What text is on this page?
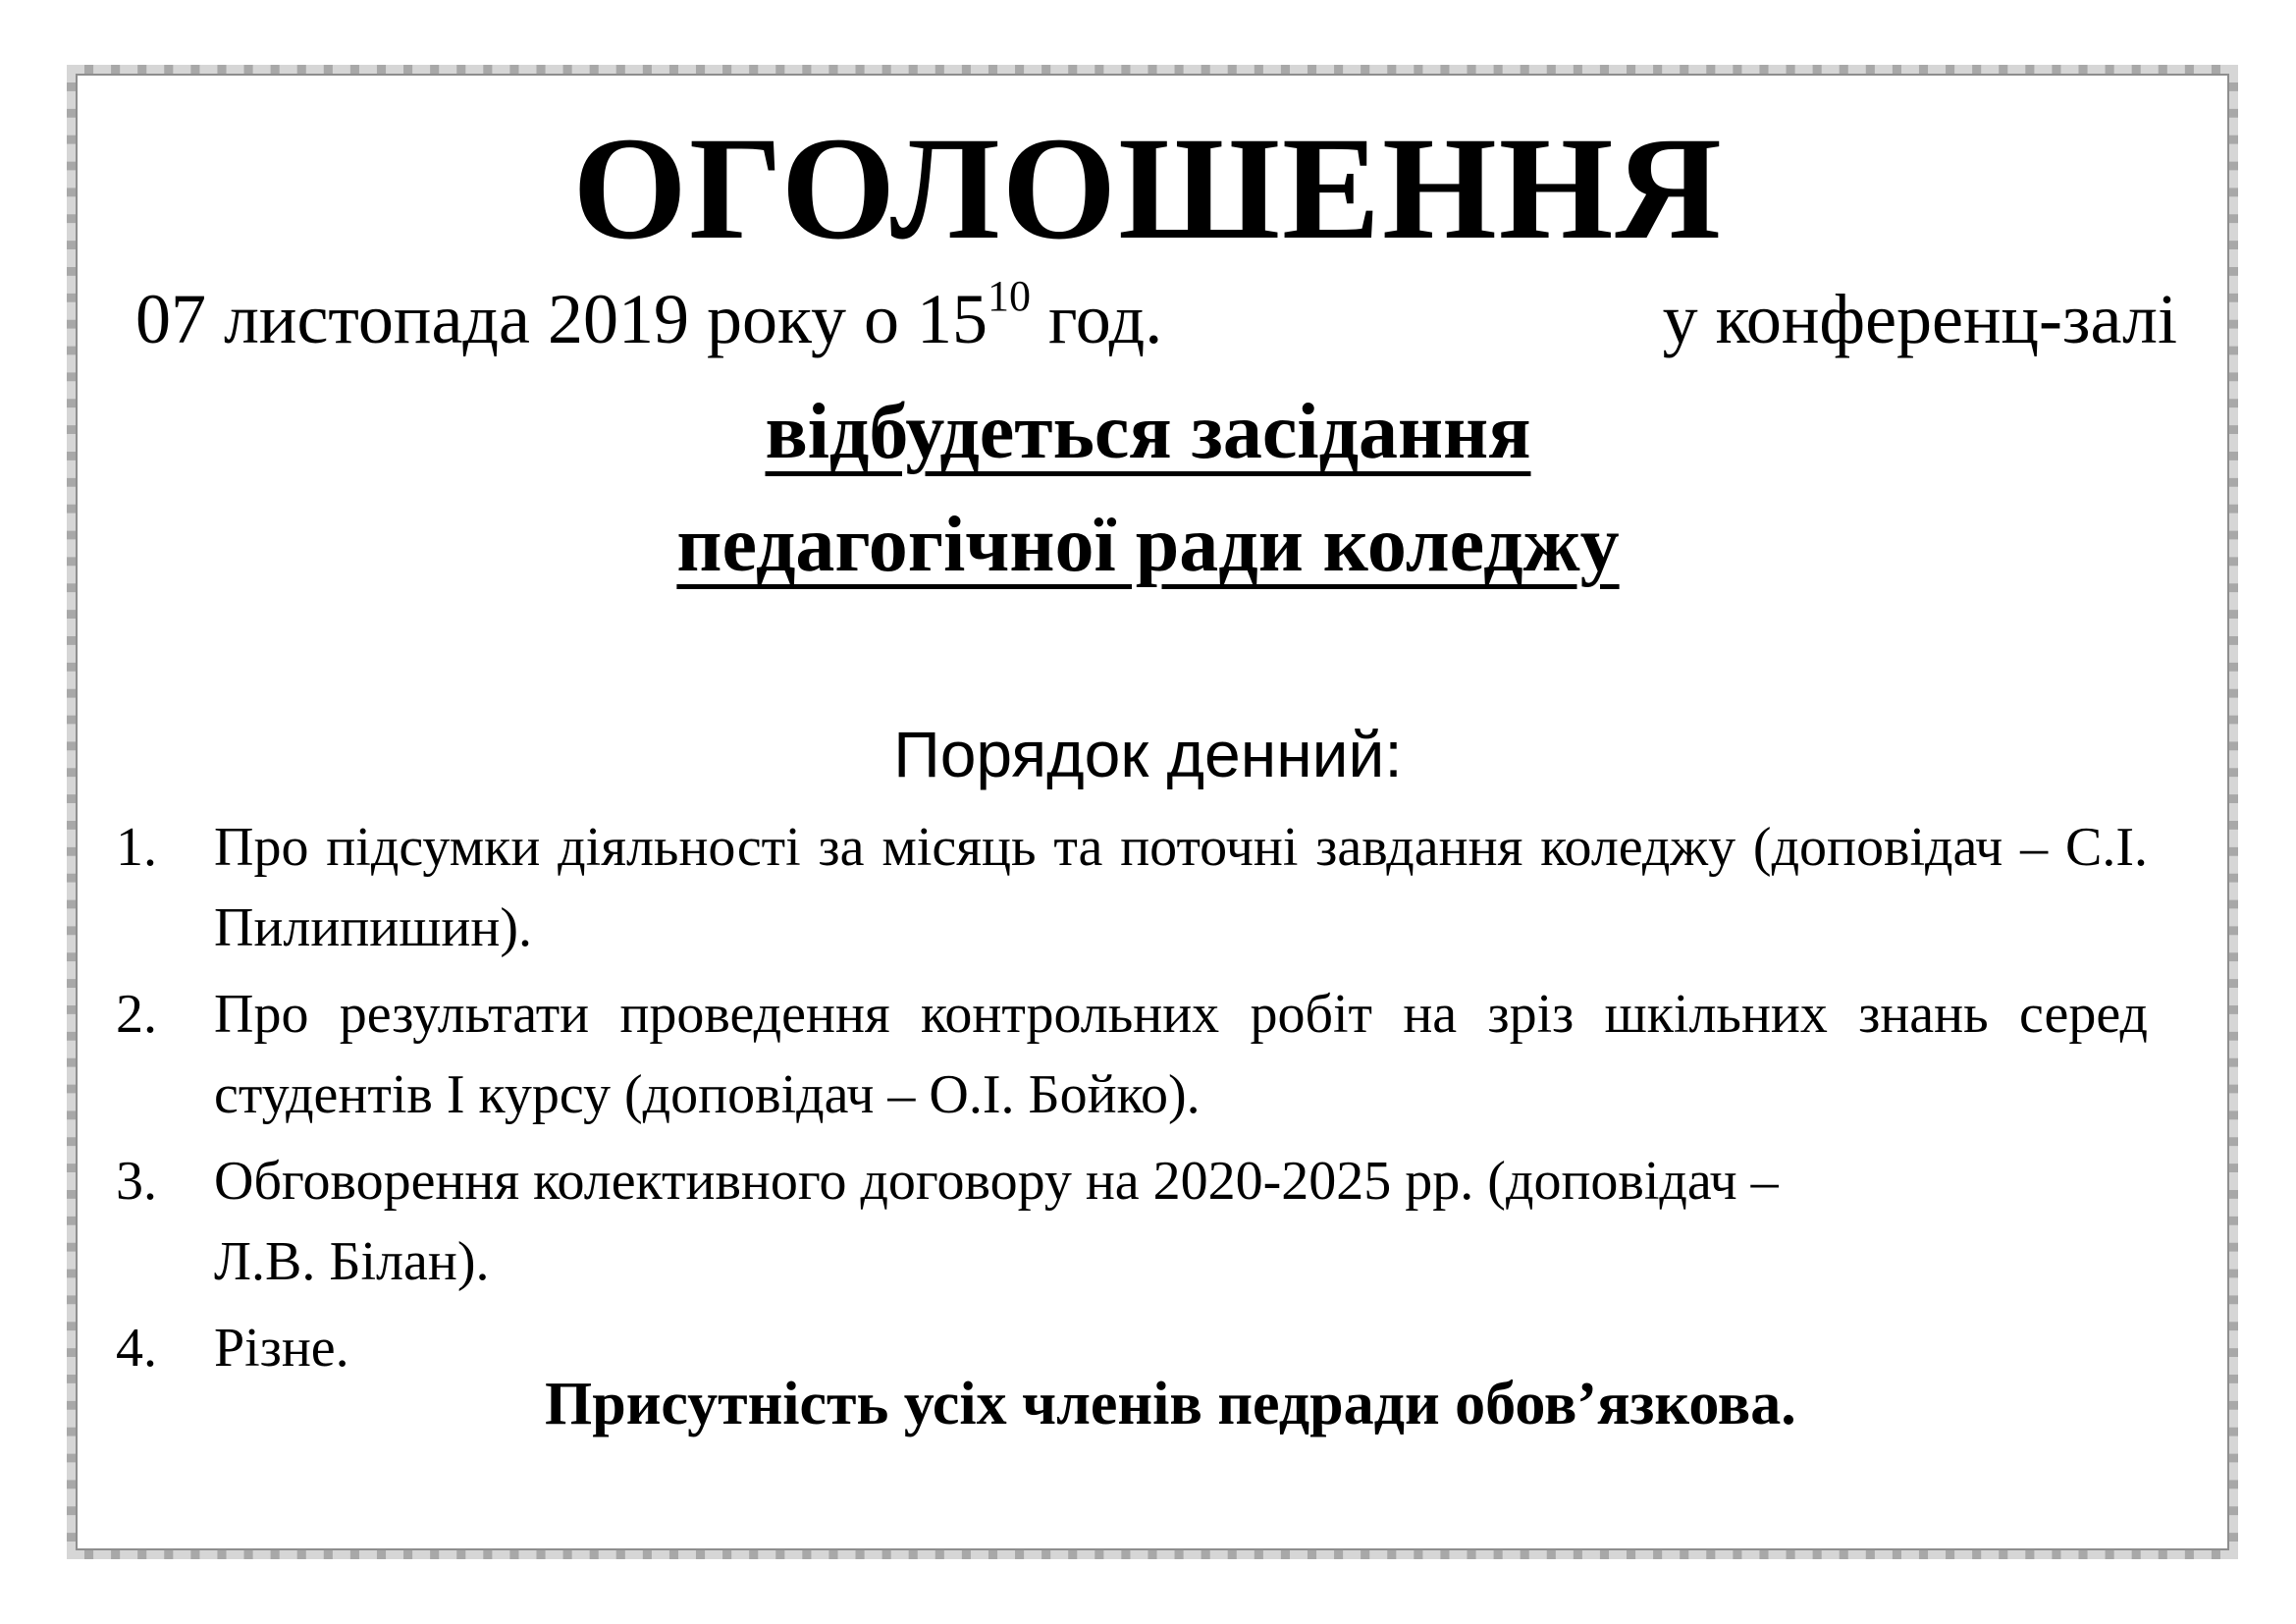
ОГОЛОШЕННЯ
07 листопада 2019 року о $15^{10}$ год.	у конференц-залі
відбудеться засідання
педагогічної ради коледжу
Порядок денний:
1. Про підсумки діяльності за місяць та поточні завдання коледжу (доповідач – С.І. Пилипишин).
2. Про результати проведення контрольних робіт на зріз шкільних знань серед студентів І курсу (доповідач – О.І. Бойко).
3. Обговорення колективного договору на 2020-2025 рр. (доповідач – Л.В. Білан).
4. Різне.
Присутність усіх членів педради обов’язкова.
